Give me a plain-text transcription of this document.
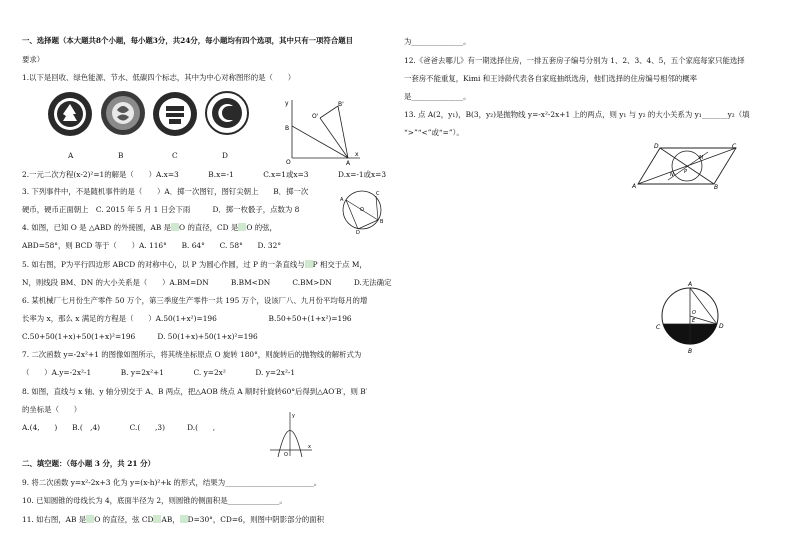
一、选择题（本大题共8个小题，每小题3分，共24分，每小题均有四个选项，其中只有一项符合题目
要求）
1.以下是回收、绿色能源、节水、低碳四个标志，其中为中心对称图形的是（　　）
A	B	C	D
y
x
O
B
A
B'
O'
2.一元二次方程(x-2)²=1的解是（　　）A.x=3　　　　B.x=-1　　　　C.x=1或x=3　　　　D.x=-1或x=3
3. 下列事件中，不是随机事件的是（　　）A．掷一次图钉，图钉尖朝上　　B．掷一次
硬币，硬币正面朝上　C. 2015 年 5 月 1 日会下雨　　　D．掷一枚骰子，点数为 8	O
B
A
C
D
4. 如图，已知 O 是 △ABD 的外接圆，AB 是 O 的直径，CD 是 O 的弦，
ABD=58°，则 BCD 等于（　　）A. 116°　　B. 64°　　C. 58°　　D. 32°
5. 如右图，P为平行四边形 ABCD 的对称中心，以 P 为圆心作圆，过 P 的一条直线与 P 相交于点 M，
N，则线段 BM、DN 的大小关系是（　　）A.BM=DN　　　B.BM<DN　　　C.BM>DN　　　D.无法确定
6. 某机械厂七月份生产零件 50 万个，第三季度生产零件一共 195 万个，设该厂八、九月份平均每月的增
长率为 x，那么 x 满足的方程是（　　）A.50(1+x²)=196　　　　　　　B.50+50+(1+x²)=196
C.50+50(1+x)+50(1+x)²=196　　　D. 50(1+x)+50(1+x)²=196
7. 二次函数 y=-2x²+1 的图像如图所示，将其绕坐标原点 O 旋转 180°，则旋转后的抛物线的解析式为
（　　）A.y=-2x²-1　　　　B. y=2x²+1　　　　C. y=2x²　　　　D. y=2x²-1
8. 如图，直线与 x 轴、y 轴分别交于 A、B 两点，把△AOB 绕点 A 顺时针旋转60°后得到△AO′B′，则 B′
的坐标是（　　）
A.(4,　　)　　B.(　,4)　　　　C.(　　,3)　　　D.(　　,
y
x
O
二、填空题：（每小题 3 分，共 21 分）
9. 将二次函数 y=x²-2x+3 化为 y=(x-h)²+k 的形式，结果为________________________。
10. 已知圆锥的母线长为 4，底面半径为 2，则圆锥的侧面积是______________。
11. 如右图，AB 是 O 的直径，弦 CD AB， D=30°，CD=6，则图中阴影部分的面积
为______________。
12.《爸爸去哪儿》有一期选择住房，一排五套房子编号分别为 1、2、3、4、5，五个家庭每家只能选择
一套房不能重复，Kimi 和王诗龄代表各自家庭抽纸选房，他们选择的住房编号相邻的概率
是______________。
13. 点 A(2，y₁)，B(3，y₂)是抛物线 y=-x²-2x+1 上的两点，则 y₁ 与 y₂ 的大小关系为 y₁_______y₂（填
“>”“<”或“=”）。
D	C
A	B
M
N P
A
C	D
B
O
E
